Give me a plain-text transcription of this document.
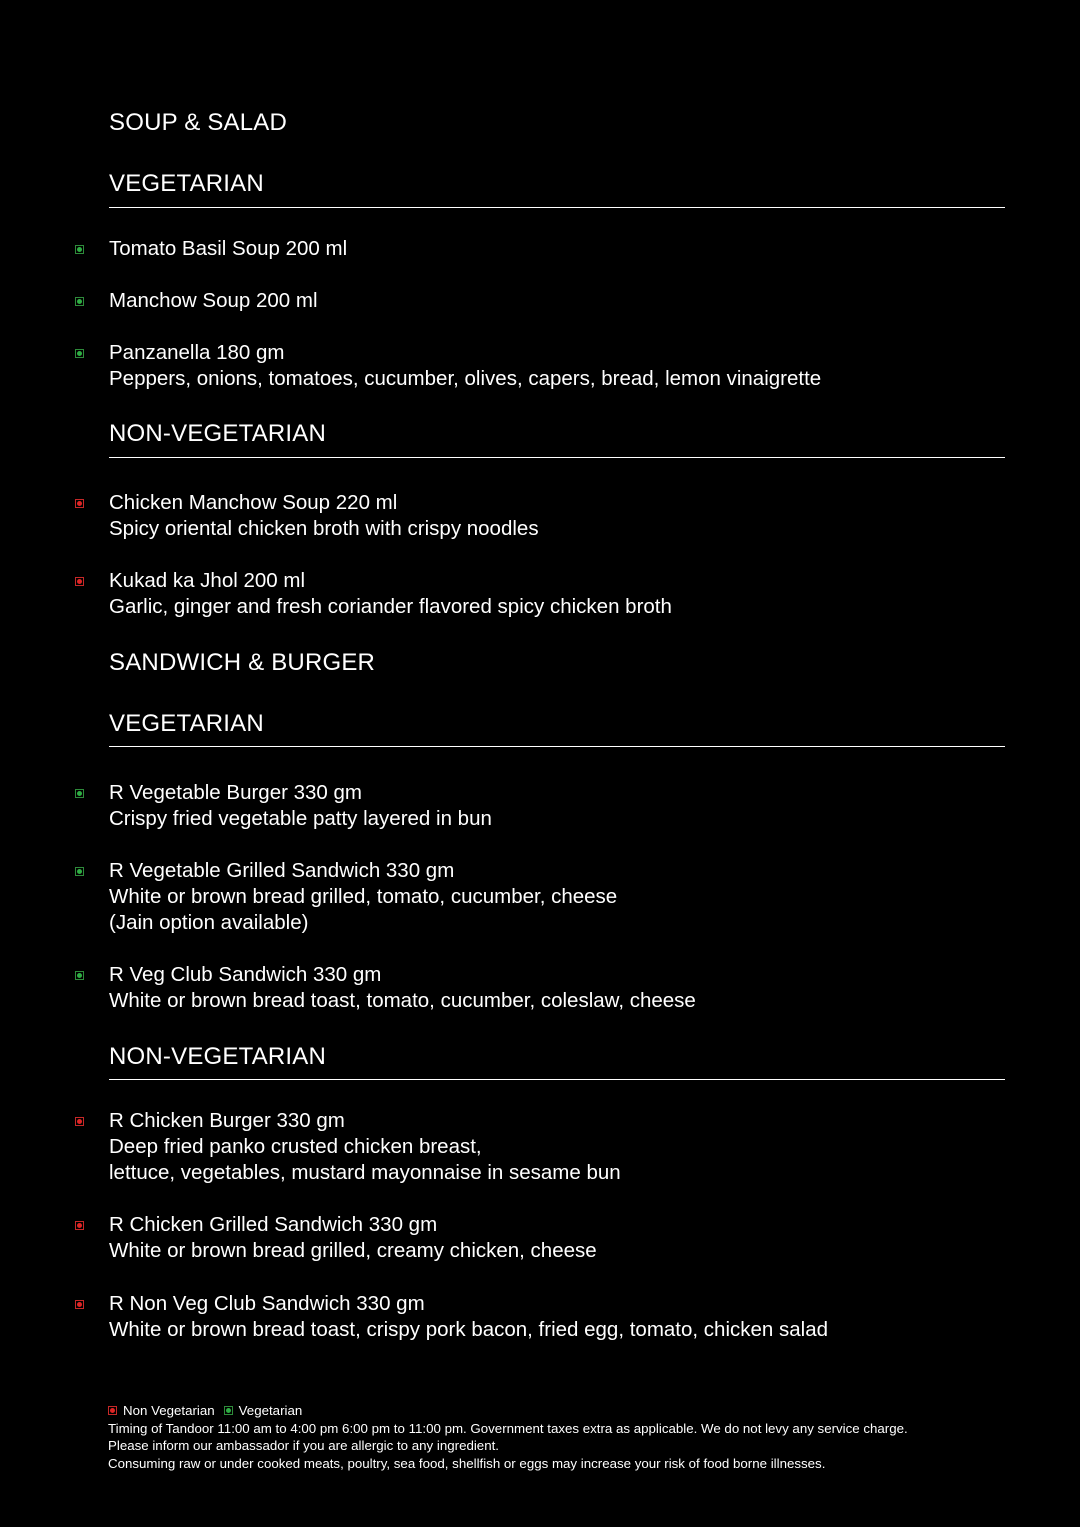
SOUP & SALAD
VEGETARIAN
Tomato Basil Soup 200 ml
Manchow Soup 200 ml
Panzanella 180 gm
Peppers, onions, tomatoes, cucumber, olives, capers, bread, lemon vinaigrette
NON-VEGETARIAN
Chicken Manchow Soup 220 ml
Spicy oriental chicken broth with crispy noodles
Kukad ka Jhol 200 ml
Garlic, ginger and fresh coriander flavored spicy chicken broth
SANDWICH & BURGER
VEGETARIAN
R Vegetable Burger 330 gm
Crispy fried vegetable patty layered in bun
R Vegetable Grilled Sandwich 330 gm
White or brown bread grilled, tomato, cucumber, cheese
(Jain option available)
R Veg Club Sandwich 330 gm
White or brown bread toast, tomato, cucumber, coleslaw, cheese
NON-VEGETARIAN
R Chicken Burger 330 gm
Deep fried panko crusted chicken breast,
lettuce, vegetables, mustard mayonnaise in sesame bun
R Chicken Grilled Sandwich 330 gm
White or brown bread grilled, creamy chicken, cheese
R Non Veg Club Sandwich 330 gm
White or brown bread toast, crispy pork bacon, fried egg, tomato, chicken salad
Non Vegetarian Vegetarian
Timing of Tandoor 11:00 am to 4:00 pm 6:00 pm to 11:00 pm. Government taxes extra as applicable. We do not levy any service charge.
Please inform our ambassador if you are allergic to any ingredient.
Consuming raw or under cooked meats, poultry, sea food, shellfish or eggs may increase your risk of food borne illnesses.
